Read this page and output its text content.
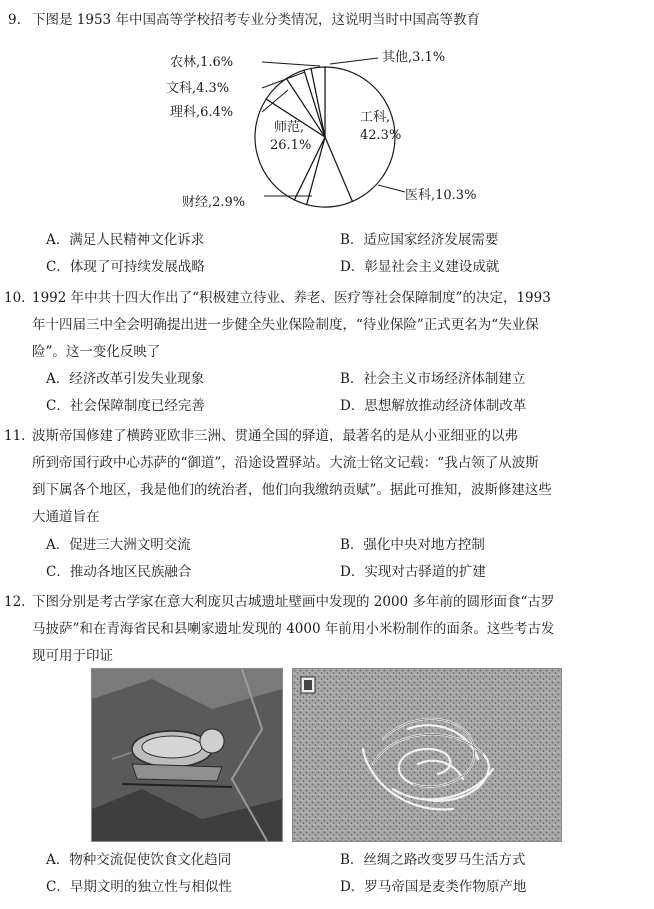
9. 下图是 1953 年中国高等学校招考专业分类情况，这说明当时中国高等教育
工科,
42.3%
医科,10.3%
财经,2.9%
师范,
26.1%
理科,6.4%
文科,4.3%
农林,1.6%	其他,3.1%
A．满足人民精神文化诉求	B．适应国家经济发展需要
C．体现了可持续发展战略	D．彰显社会主义建设成就
10. 1992 年中共十四大作出了“积极建立待业、养老、医疗等社会保障制度”的决定，1993
年十四届三中全会明确提出进一步健全失业保险制度，“待业保险”正式更名为“失业保
险”。这一变化反映了
A．经济改革引发失业现象	B．社会主义市场经济体制建立
C．社会保障制度已经完善	D．思想解放推动经济体制改革
11. 波斯帝国修建了横跨亚欧非三洲、贯通全国的驿道，最著名的是从小亚细亚的以弗
所到帝国行政中心苏萨的“御道”，沿途设置驿站。大流士铭文记载：“我占领了从波斯
到下属各个地区，我是他们的统治者，他们向我缴纳贡赋”。据此可推知，波斯修建这些
大通道旨在
A．促进三大洲文明交流	B．强化中央对地方控制
C．推动各地区民族融合	D．实现对古驿道的扩建
12. 下图分别是考古学家在意大利庞贝古城遗址壁画中发现的 2000 多年前的圆形面食“古罗
马披萨”和在青海省民和县喇家遗址发现的 4000 年前用小米粉制作的面条。这些考古发
现可用于印证
A．物种交流促使饮食文化趋同	B．丝绸之路改变罗马生活方式
C．早期文明的独立性与相似性	D．罗马帝国是麦类作物原产地
